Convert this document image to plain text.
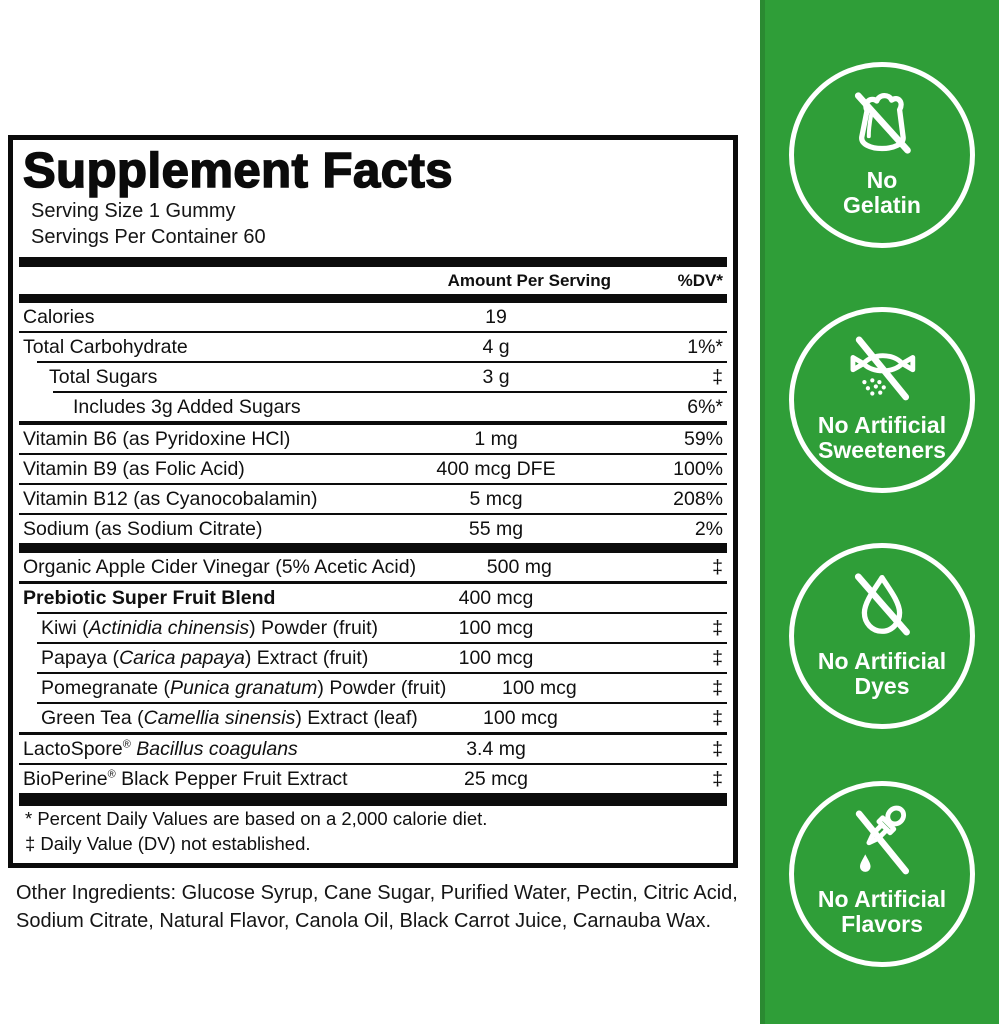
Supplement Facts
Serving Size 1 Gummy
Servings Per Container 60
Amount Per Serving	%DV*
Calories	19
Total Carbohydrate	4 g	1%*
Total Sugars	3 g	‡
Includes 3g Added Sugars	6%*
Vitamin B6 (as Pyridoxine HCl)	1 mg	59%
Vitamin B9 (as Folic Acid)	400 mcg DFE	100%
Vitamin B12 (as Cyanocobalamin)	5 mcg	208%
Sodium (as Sodium Citrate)	55 mg	2%
Organic Apple Cider Vinegar (5% Acetic Acid)	500 mg	‡
Prebiotic Super Fruit Blend	400 mcg
Kiwi (Actinidia chinensis) Powder (fruit)	100 mcg	‡
Papaya (Carica papaya) Extract (fruit)	100 mcg	‡
Pomegranate (Punica granatum) Powder (fruit)	100 mcg	‡
Green Tea (Camellia sinensis) Extract (leaf)	100 mcg	‡
LactoSpore® Bacillus coagulans	3.4 mg	‡
BioPerine® Black Pepper Fruit Extract	25 mcg	‡
* Percent Daily Values are based on a 2,000 calorie diet.
‡ Daily Value (DV) not established.
Other Ingredients: Glucose Syrup, Cane Sugar, Purified Water, Pectin, Citric Acid,
Sodium Citrate, Natural Flavor, Canola Oil, Black Carrot Juice, Carnauba Wax.
No
Gelatin
No Artificial
Sweeteners
No Artificial
Dyes
No Artificial
Flavors
